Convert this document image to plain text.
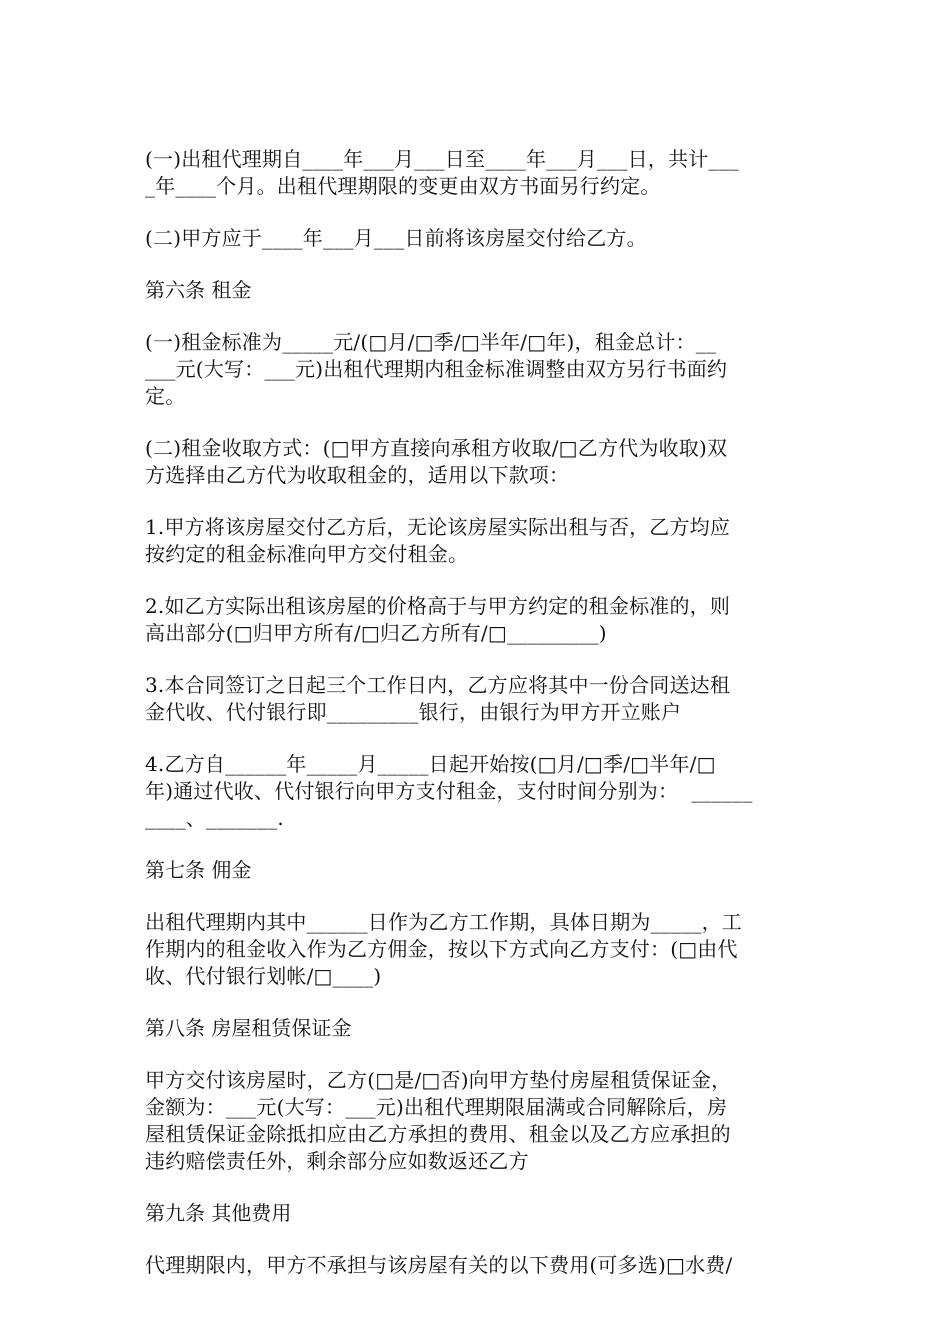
(一)出租代理期自____年___月___日至____年___月___日，共计___
_年____个月。出租代理期限的变更由双方书面另行约定。

(二)甲方应于____年___月___日前将该房屋交付给乙方。

第六条 租金

(一)租金标准为_____元/(□月/□季/□半年/□年)，租金总计：__
___元(大写：___元)出租代理期内租金标准调整由双方另行书面约
定。

(二)租金收取方式：(□甲方直接向承租方收取/□乙方代为收取)双
方选择由乙方代为收取租金的，适用以下款项：

1.甲方将该房屋交付乙方后，无论该房屋实际出租与否，乙方均应
按约定的租金标准向甲方交付租金。

2.如乙方实际出租该房屋的价格高于与甲方约定的租金标准的，则
高出部分(□归甲方所有/□归乙方所有/□_________)

3.本合同签订之日起三个工作日内，乙方应将其中一份合同送达租
金代收、代付银行即_________银行，由银行为甲方开立账户

4.乙方自______年_____月_____日起开始按(□月/□季/□半年/□
年)通过代收、代付银行向甲方支付租金，支付时间分别为：  ______
____、_______.

第七条 佣金

出租代理期内其中______日作为乙方工作期，具体日期为_____，工
作期内的租金收入作为乙方佣金，按以下方式向乙方支付：(□由代
收、代付银行划帐/□____)

第八条 房屋租赁保证金

甲方交付该房屋时，乙方(□是/□否)向甲方垫付房屋租赁保证金，
金额为：___元(大写：___元)出租代理期限届满或合同解除后，房
屋租赁保证金除抵扣应由乙方承担的费用、租金以及乙方应承担的
违约赔偿责任外，剩余部分应如数返还乙方

第九条 其他费用

代理期限内，甲方不承担与该房屋有关的以下费用(可多选)□水费/
